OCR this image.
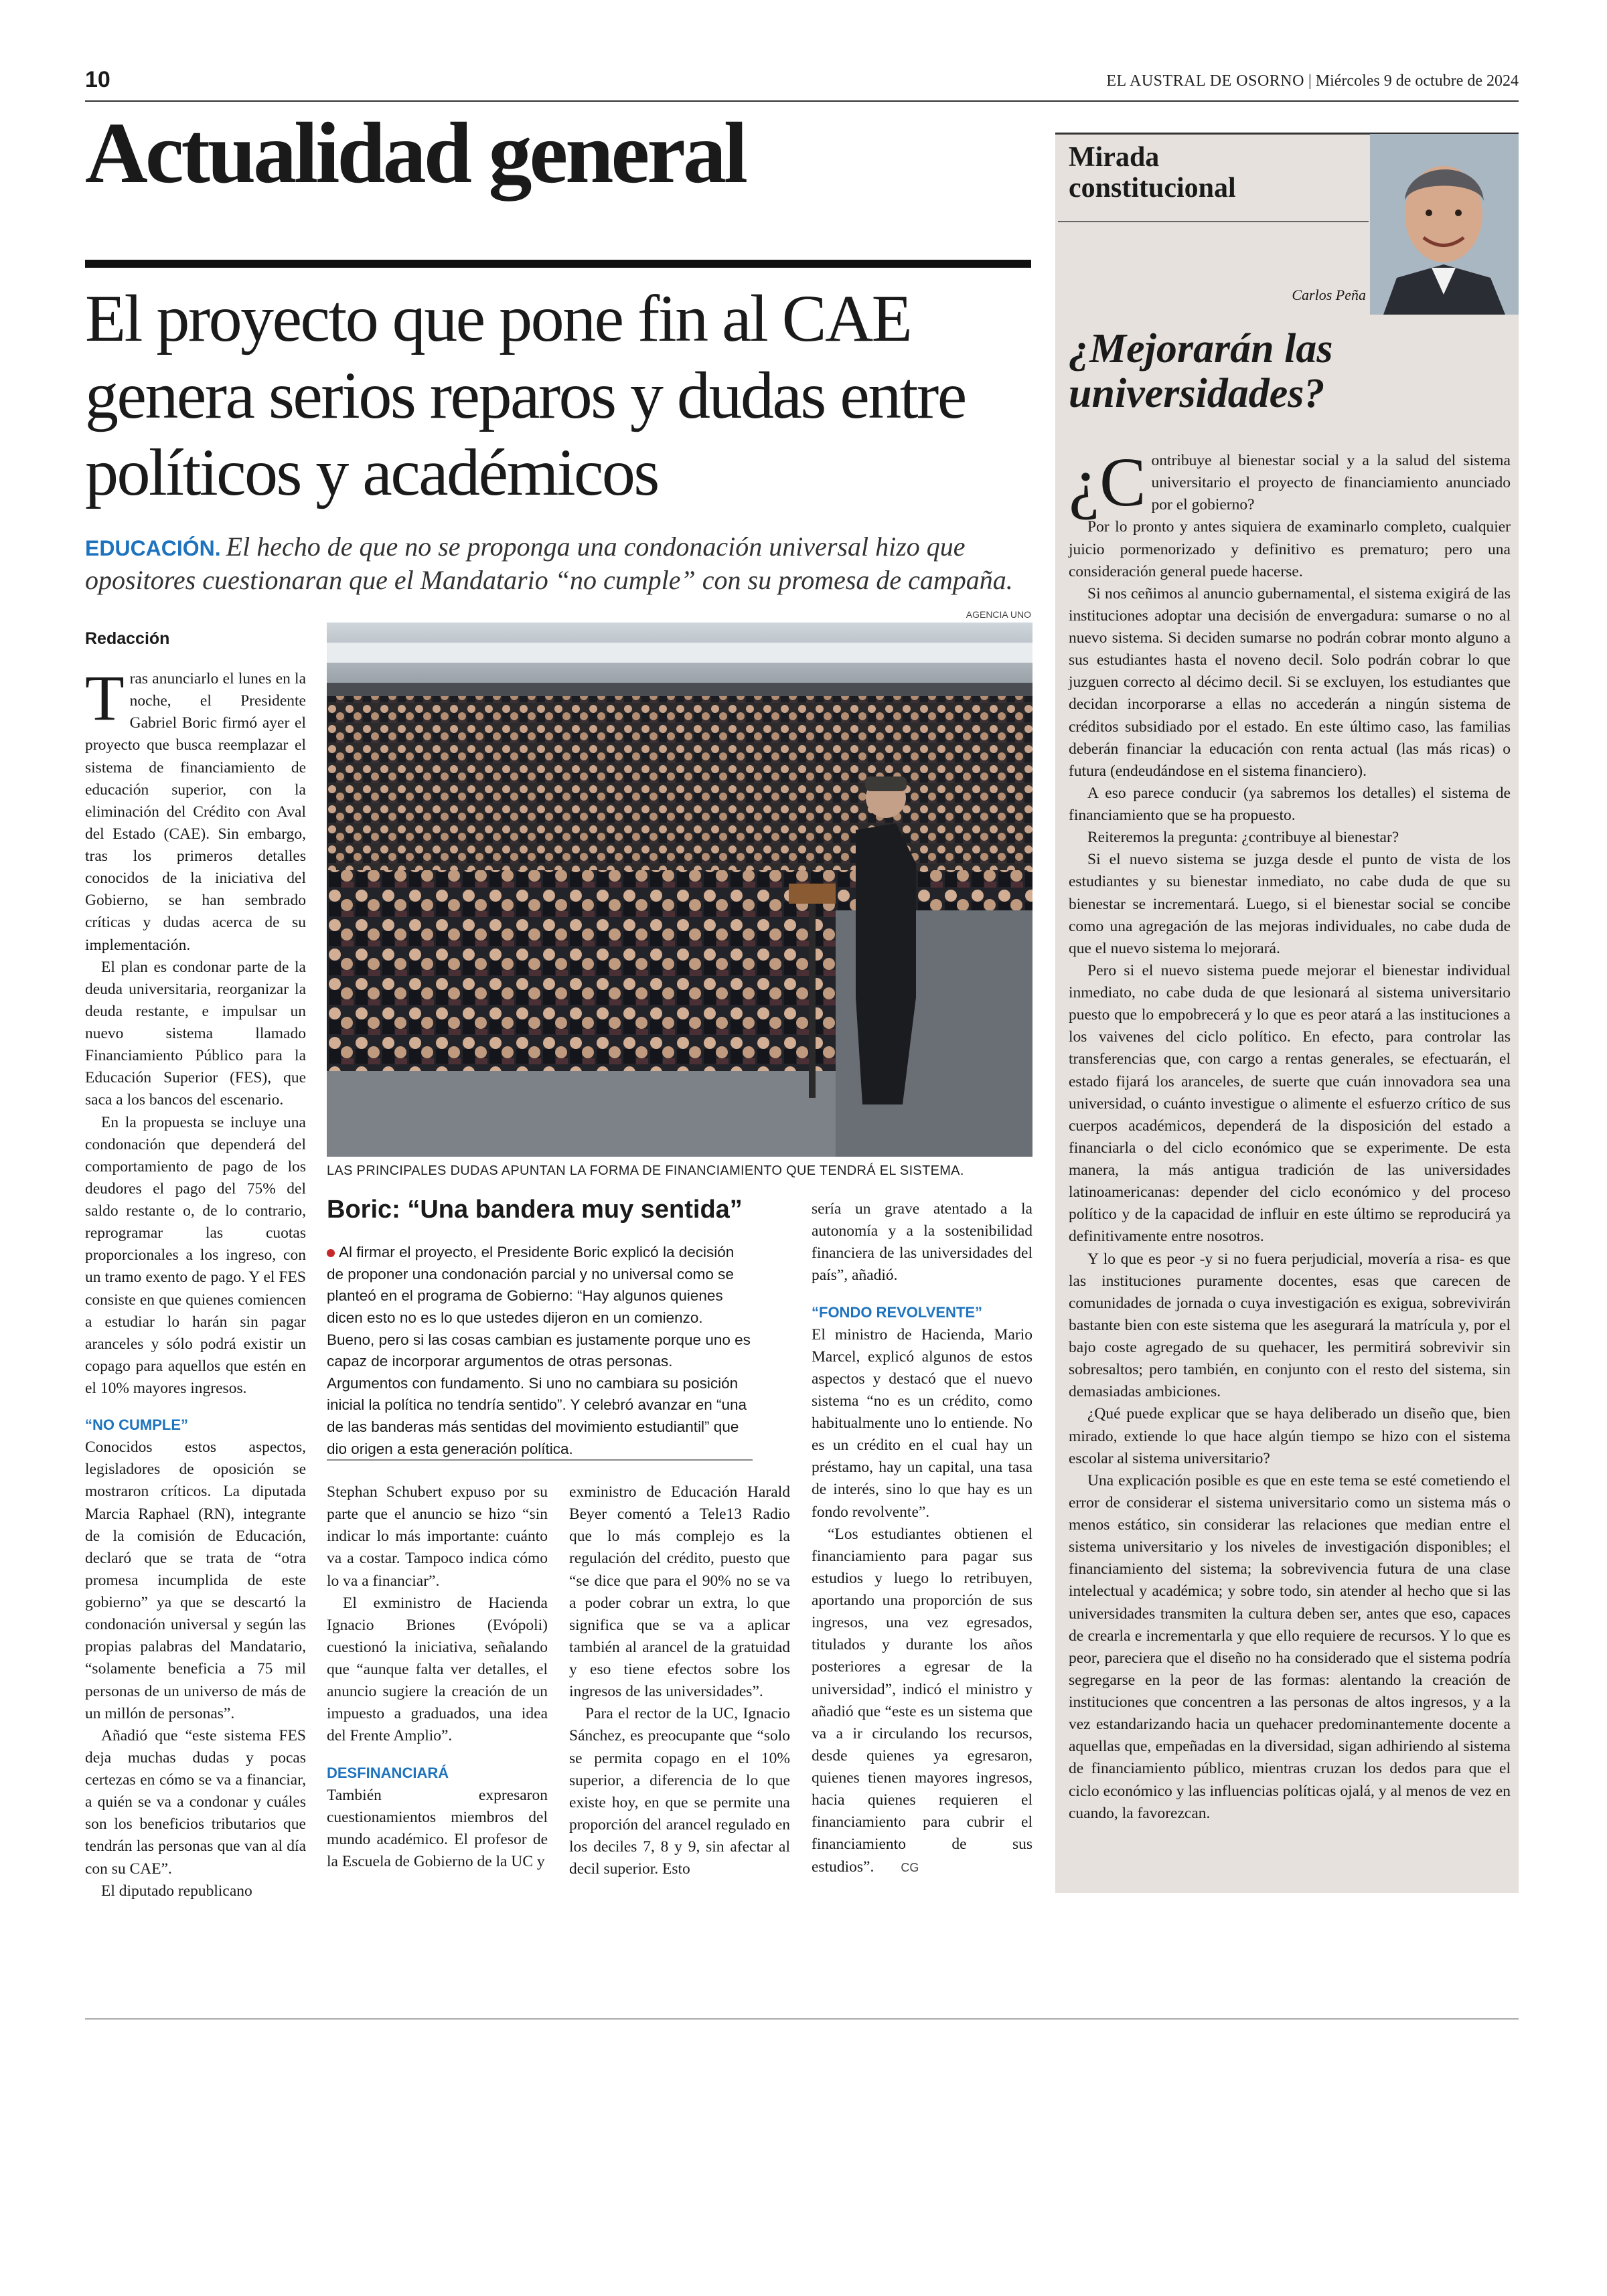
10	EL AUSTRAL DE OSORNO | Miércoles 9 de octubre de 2024
Actualidad general
El proyecto que pone fin al CAE genera serios reparos y dudas entre políticos y académicos
EDUCACIÓN. El hecho de que no se proponga una condonación universal hizo que opositores cuestionaran que el Mandatario “no cumple” con su promesa de campaña.
Redacción

Tras anunciarlo el lunes en la noche, el Presidente Gabriel Boric firmó ayer el proyecto que busca reemplazar el sistema de financiamiento de educación superior, con la eliminación del Crédito con Aval del Estado (CAE). Sin embargo, tras los primeros detalles conocidos de la iniciativa del Gobierno, se han sembrado críticas y dudas acerca de su implementación.

El plan es condonar parte de la deuda universitaria, reorganizar la deuda restante, e impulsar un nuevo sistema llamado Financiamiento Público para la Educación Superior (FES), que saca a los bancos del escenario.

En la propuesta se incluye una condonación que dependerá del comportamiento de pago de los deudores el pago del 75% del saldo restante o, de lo contrario, reprogramar las cuotas proporcionales a los ingreso, con un tramo exento de pago. Y el FES consiste en que quienes comiencen a estudiar lo harán sin pagar aranceles y sólo podrá existir un copago para aquellos que estén en el 10% mayores ingresos.

“NO CUMPLE”

Conocidos estos aspectos, legisladores de oposición se mostraron críticos. La diputada Marcia Raphael (RN), integrante de la comisión de Educación, declaró que se trata de “otra promesa incumplida de este gobierno” ya que se descartó la condonación universal y según las propias palabras del Mandatario, “solamente beneficia a 75 mil personas de un universo de más de un millón de personas”.

Añadió que “este sistema FES deja muchas dudas y pocas certezas en cómo se va a financiar, a quién se va a condonar y cuáles son los beneficios tributarios que tendrán las personas que van al día con su CAE”.

El diputado republicano

AGENCIA UNO
LAS PRINCIPALES DUDAS APUNTAN LA FORMA DE FINANCIAMIENTO QUE TENDRÁ EL SISTEMA.
Boric: “Una bandera muy sentida”

Al firmar el proyecto, el Presidente Boric explicó la decisión de proponer una condonación parcial y no universal como se planteó en el programa de Gobierno: “Hay algunos quienes dicen esto no es lo que ustedes dijeron en un comienzo. Bueno, pero si las cosas cambian es justamente porque uno es capaz de incorporar argumentos de otras personas. Argumentos con fundamento. Si uno no cambiara su posición inicial la política no tendría sentido”. Y celebró avanzar en “una de las banderas más sentidas del movimiento estudiantil” que dio origen a esta generación política.

Stephan Schubert expuso por su parte que el anuncio se hizo “sin indicar lo más importante: cuánto va a costar. Tampoco indica cómo lo va a financiar”.

El exministro de Hacienda Ignacio Briones (Evópoli) cuestionó la iniciativa, señalando que “aunque falta ver detalles, el anuncio sugiere la creación de un impuesto a graduados, una idea del Frente Amplio”.

DESFINANCIARÁ

También expresaron cuestionamientos miembros del mundo académico. El profesor de la Escuela de Gobierno de la UC y

exministro de Educación Harald Beyer comentó a Tele13 Radio que lo más complejo es la regulación del crédito, puesto que “se dice que para el 90% no se va a poder cobrar un extra, lo que significa que se va a aplicar también al arancel de la gratuidad y eso tiene efectos sobre los ingresos de las universidades”.

Para el rector de la UC, Ignacio Sánchez, es preocupante que “solo se permita copago en el 10% superior, a diferencia de lo que existe hoy, en que se permite una proporción del arancel regulado en los deciles 7, 8 y 9, sin afectar al decil superior. Esto

sería un grave atentado a la autonomía y a la sostenibilidad financiera de las universidades del país”, añadió.

“FONDO REVOLVENTE”

El ministro de Hacienda, Mario Marcel, explicó algunos de estos aspectos y destacó que el nuevo sistema “no es un crédito, como habitualmente uno lo entiende. No es un crédito en el cual hay un préstamo, hay un capital, una tasa de interés, sino lo que hay es un fondo revolvente”.

“Los estudiantes obtienen el financiamiento para pagar sus estudios y luego lo retribuyen, aportando una proporción de sus ingresos, una vez egresados, titulados y durante los años posteriores a egresar de la universidad”, indicó el ministro y añadió que “este es un sistema que va a ir circulando los recursos, desde quienes ya egresaron, quienes tienen mayores ingresos, hacia quienes requieren el financiamiento para cubrir el financiamiento de sus estudios”. CG

Mirada constitucional
Carlos Peña
¿Mejorarán las universidades?

¿C ontribuye al bienestar social y a la salud del sistema universitario el proyecto de financiamiento anunciado por el gobierno?

Por lo pronto y antes siquiera de examinarlo completo, cualquier juicio pormenorizado y definitivo es prematuro; pero una consideración general puede hacerse.

Si nos ceñimos al anuncio gubernamental, el sistema exigirá de las instituciones adoptar una decisión de envergadura: sumarse o no al nuevo sistema. Si deciden sumarse no podrán cobrar monto alguno a sus estudiantes hasta el noveno decil. Solo podrán cobrar lo que juzguen correcto al décimo decil. Si se excluyen, los estudiantes que decidan incorporarse a ellas no accederán a ningún sistema de créditos subsidiado por el estado. En este último caso, las familias deberán financiar la educación con renta actual (las más ricas) o futura (endeudándose en el sistema financiero).

A eso parece conducir (ya sabremos los detalles) el sistema de financiamiento que se ha propuesto.

Reiteremos la pregunta: ¿contribuye al bienestar?

Si el nuevo sistema se juzga desde el punto de vista de los estudiantes y su bienestar inmediato, no cabe duda de que su bienestar se incrementará. Luego, si el bienestar social se concibe como una agregación de las mejoras individuales, no cabe duda de que el nuevo sistema lo mejorará.

Pero si el nuevo sistema puede mejorar el bienestar individual inmediato, no cabe duda de que lesionará al sistema universitario puesto que lo empobrecerá y lo que es peor atará a las instituciones a los vaivenes del ciclo político. En efecto, para controlar las transferencias que, con cargo a rentas generales, se efectuarán, el estado fijará los aranceles, de suerte que cuán innovadora sea una universidad, o cuánto investigue o alimente el esfuerzo crítico de sus cuerpos académicos, dependerá de la disposición del estado a financiarla o del ciclo económico que se experimente. De esta manera, la más antigua tradición de las universidades latinoamericanas: depender del ciclo económico y del proceso político y de la capacidad de influir en este último se reproducirá ya definitivamente entre nosotros.

Y lo que es peor -y si no fuera perjudicial, movería a risa- es que las instituciones puramente docentes, esas que carecen de comunidades de jornada o cuya investigación es exigua, sobrevivirán bastante bien con este sistema que les asegurará la matrícula y, por el bajo coste agregado de su quehacer, les permitirá sobrevivir sin sobresaltos; pero también, en conjunto con el resto del sistema, sin demasiadas ambiciones.

¿Qué puede explicar que se haya deliberado un diseño que, bien mirado, extiende lo que hace algún tiempo se hizo con el sistema escolar al sistema universitario?

Una explicación posible es que en este tema se esté cometiendo el error de considerar el sistema universitario como un sistema más o menos estático, sin considerar las relaciones que median entre el sistema universitario y los niveles de investigación disponibles; el financiamiento del sistema; la sobrevivencia futura de una clase intelectual y académica; y sobre todo, sin atender al hecho que si las universidades transmiten la cultura deben ser, antes que eso, capaces de crearla e incrementarla y que ello requiere de recursos. Y lo que es peor, pareciera que el diseño no ha considerado que el sistema podría segregarse en la peor de las formas: alentando la creación de instituciones que concentren a las personas de altos ingresos, y a la vez estandarizando hacia un quehacer predominantemente docente a aquellas que, empeñadas en la diversidad, sigan adhiriendo al sistema de financiamiento público, mientras cruzan los dedos para que el ciclo económico y las influencias políticas ojalá, y al menos de vez en cuando, la favorezcan.
